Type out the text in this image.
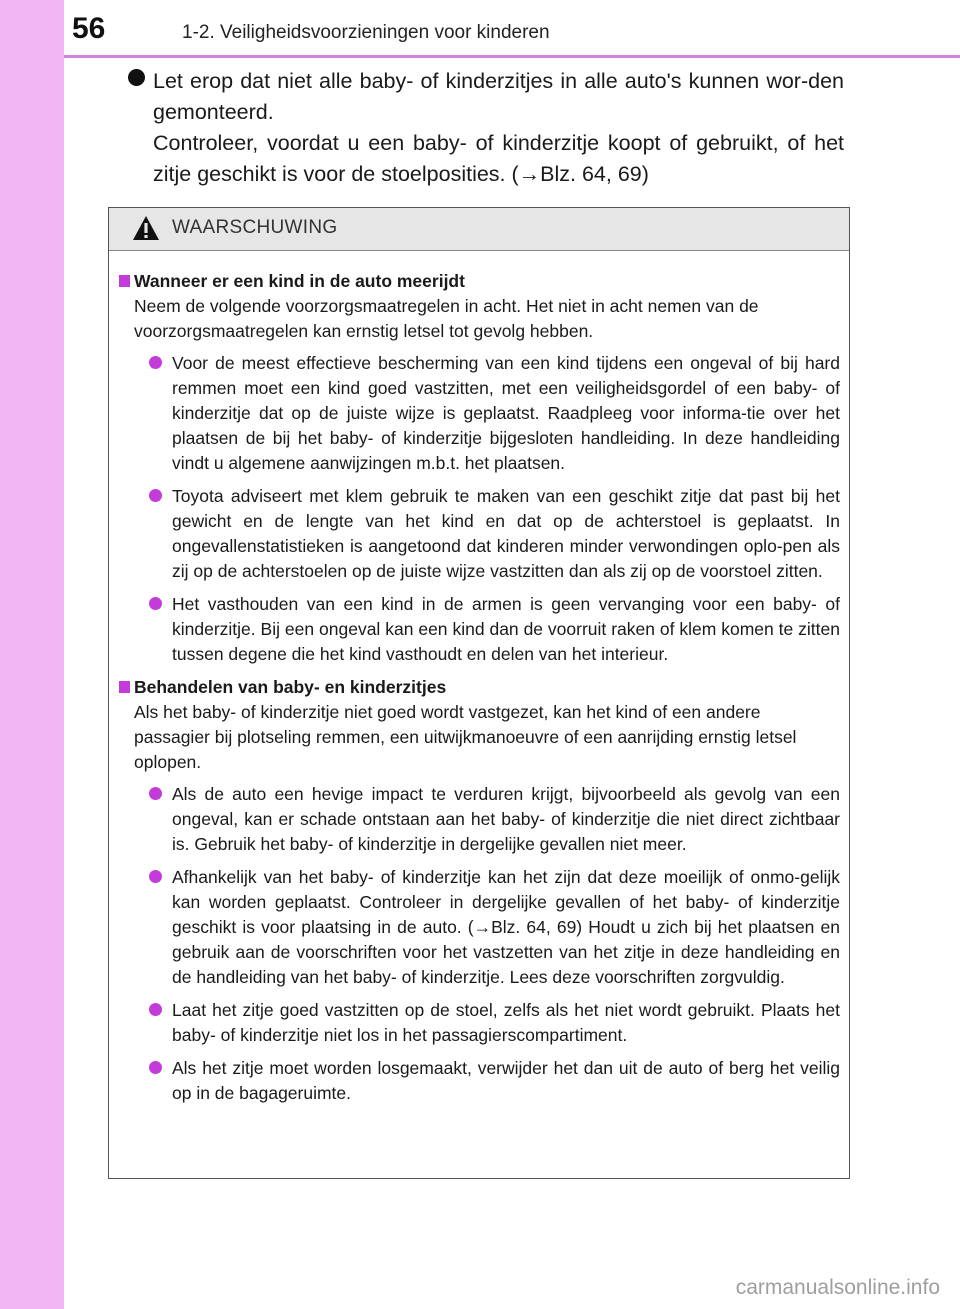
56	1-2. Veiligheidsvoorzieningen voor kinderen

Let erop dat niet alle baby- of kinderzitjes in alle auto's kunnen wor-den gemonteerd.

Controleer, voordat u een baby- of kinderzitje koopt of gebruikt, of het zitje geschikt is voor de stoelposities. (→Blz. 64, 69)
WAARSCHUWING
Wanneer er een kind in de auto meerijdt

Neem de volgende voorzorgsmaatregelen in acht. Het niet in acht nemen van de voorzorgsmaatregelen kan ernstig letsel tot gevolg hebben.

Voor de meest effectieve bescherming van een kind tijdens een ongeval of bij hard remmen moet een kind goed vastzitten, met een veiligheidsgordel of een baby- of kinderzitje dat op de juiste wijze is geplaatst. Raadpleeg voor informa-tie over het plaatsen de bij het baby- of kinderzitje bijgesloten handleiding. In deze handleiding vindt u algemene aanwijzingen m.b.t. het plaatsen.
Toyota adviseert met klem gebruik te maken van een geschikt zitje dat past bij het gewicht en de lengte van het kind en dat op de achterstoel is geplaatst. In ongevallenstatistieken is aangetoond dat kinderen minder verwondingen oplo-pen als zij op de achterstoelen op de juiste wijze vastzitten dan als zij op de voorstoel zitten.
Het vasthouden van een kind in de armen is geen vervanging voor een baby- of kinderzitje. Bij een ongeval kan een kind dan de voorruit raken of klem komen te zitten tussen degene die het kind vasthoudt en delen van het interieur.
Behandelen van baby- en kinderzitjes

Als het baby- of kinderzitje niet goed wordt vastgezet, kan het kind of een andere passagier bij plotseling remmen, een uitwijkmanoeuvre of een aanrijding ernstig letsel oplopen.

Als de auto een hevige impact te verduren krijgt, bijvoorbeeld als gevolg van een ongeval, kan er schade ontstaan aan het baby- of kinderzitje die niet direct zichtbaar is. Gebruik het baby- of kinderzitje in dergelijke gevallen niet meer.
Afhankelijk van het baby- of kinderzitje kan het zijn dat deze moeilijk of onmo-gelijk kan worden geplaatst. Controleer in dergelijke gevallen of het baby- of kinderzitje geschikt is voor plaatsing in de auto. (→Blz. 64, 69) Houdt u zich bij het plaatsen en gebruik aan de voorschriften voor het vastzetten van het zitje in deze handleiding en de handleiding van het baby- of kinderzitje. Lees deze voorschriften zorgvuldig.
Laat het zitje goed vastzitten op de stoel, zelfs als het niet wordt gebruikt. Plaats het baby- of kinderzitje niet los in het passagierscompartiment.
Als het zitje moet worden losgemaakt, verwijder het dan uit de auto of berg het veilig op in de bagageruimte.
carmanualsonline.info
